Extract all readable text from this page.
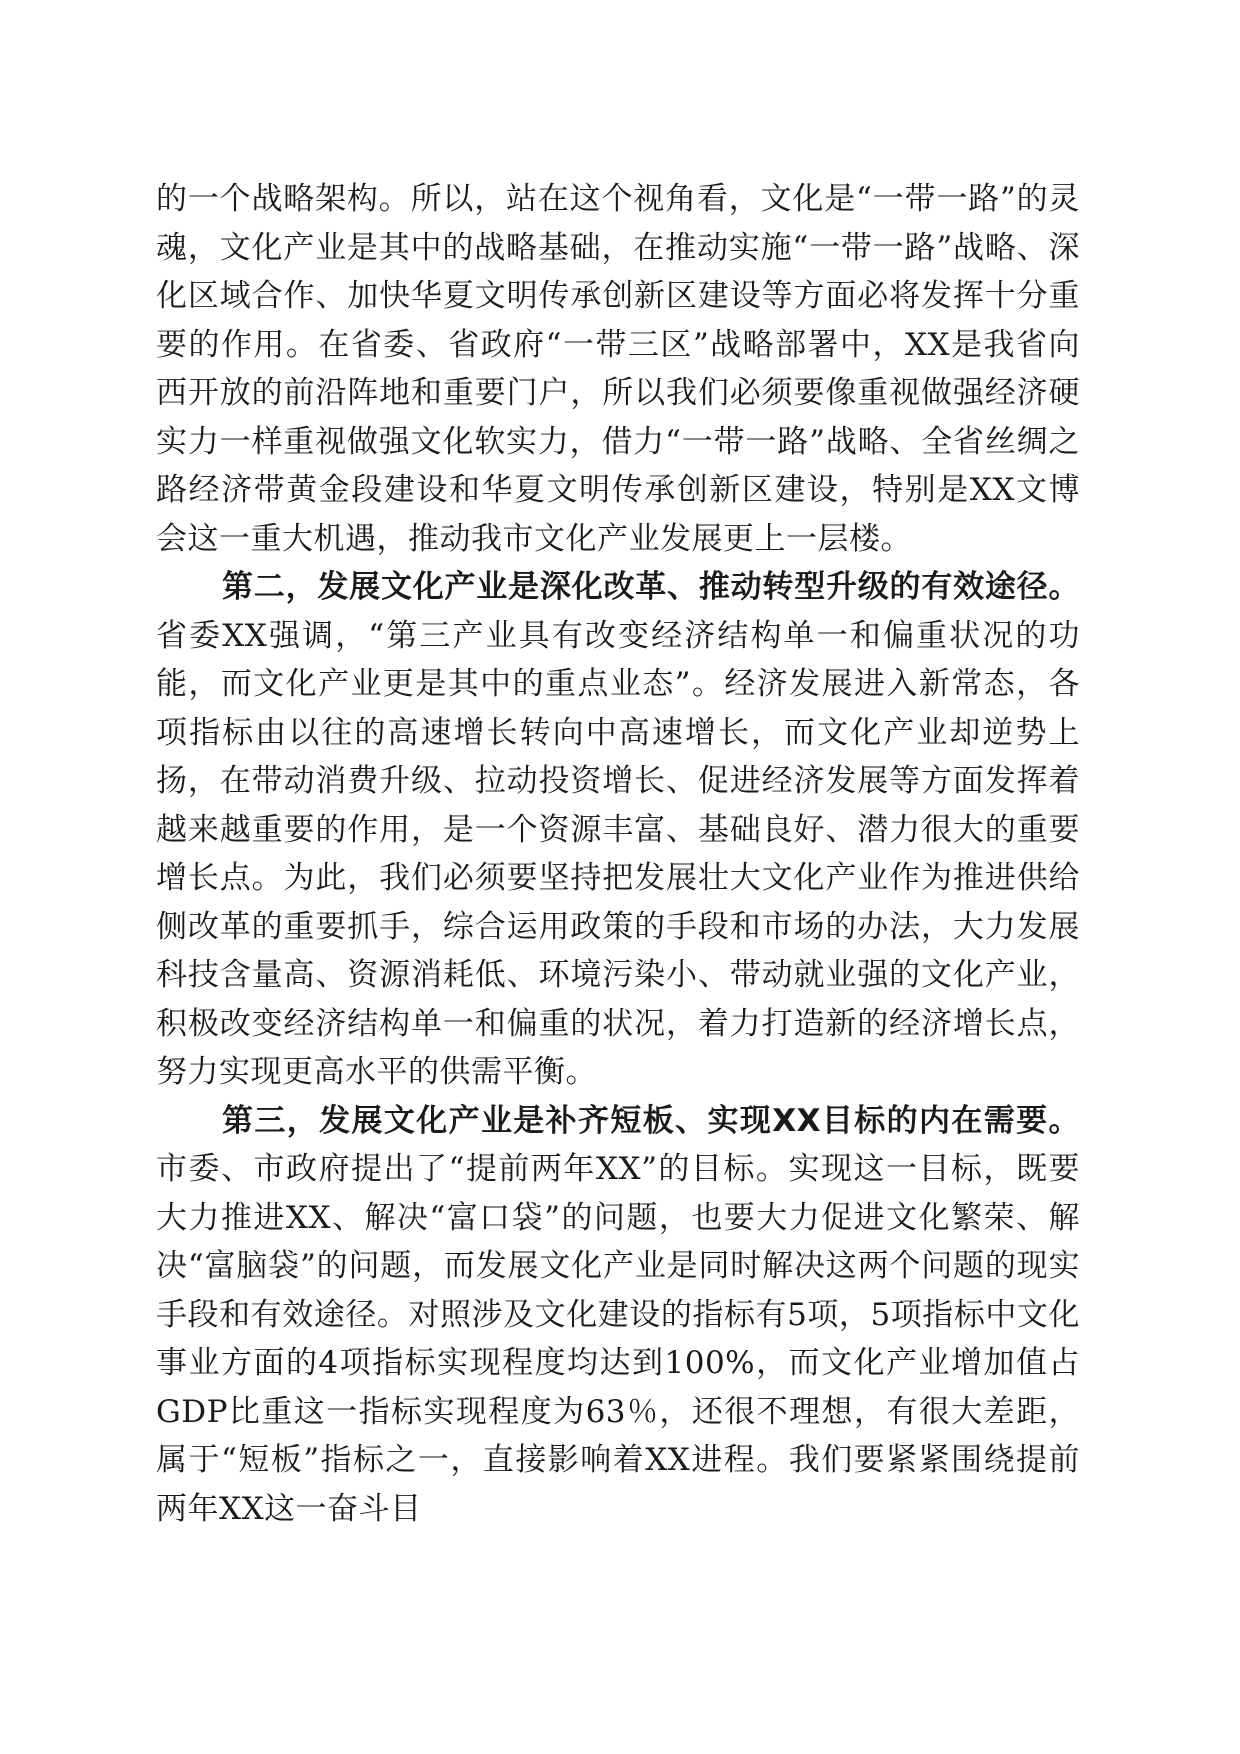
的一个战略架构。所以，站在这个视角看，文化是“一带一路”的灵魂，文化产业是其中的战略基础，在推动实施“一带一路”战略、深化区域合作、加快华夏文明传承创新区建设等方面必将发挥十分重要的作用。在省委、省政府“一带三区”战略部署中，XX是我省向西开放的前沿阵地和重要门户，所以我们必须要像重视做强经济硬实力一样重视做强文化软实力，借力“一带一路”战略、全省丝绸之路经济带黄金段建设和华夏文明传承创新区建设，特别是XX文博会这一重大机遇，推动我市文化产业发展更上一层楼。

第二，发展文化产业是深化改革、推动转型升级的有效途径。省委XX强调，“第三产业具有改变经济结构单一和偏重状况的功能，而文化产业更是其中的重点业态”。经济发展进入新常态，各项指标由以往的高速增长转向中高速增长，而文化产业却逆势上扬，在带动消费升级、拉动投资增长、促进经济发展等方面发挥着越来越重要的作用，是一个资源丰富、基础良好、潜力很大的重要增长点。为此，我们必须要坚持把发展壮大文化产业作为推进供给侧改革的重要抓手，综合运用政策的手段和市场的办法，大力发展科技含量高、资源消耗低、环境污染小、带动就业强的文化产业，积极改变经济结构单一和偏重的状况，着力打造新的经济增长点，努力实现更高水平的供需平衡。

第三，发展文化产业是补齐短板、实现XX目标的内在需要。市委、市政府提出了“提前两年XX”的目标。实现这一目标，既要大力推进XX、解决“富口袋”的问题，也要大力促进文化繁荣、解决“富脑袋”的问题，而发展文化产业是同时解决这两个问题的现实手段和有效途径。对照涉及文化建设的指标有5项，5项指标中文化事业方面的4项指标实现程度均达到100%，而文化产业增加值占GDP比重这一指标实现程度为63％，还很不理想，有很大差距，属于“短板”指标之一，直接影响着XX进程。我们要紧紧围绕提前两年XX这一奋斗目
